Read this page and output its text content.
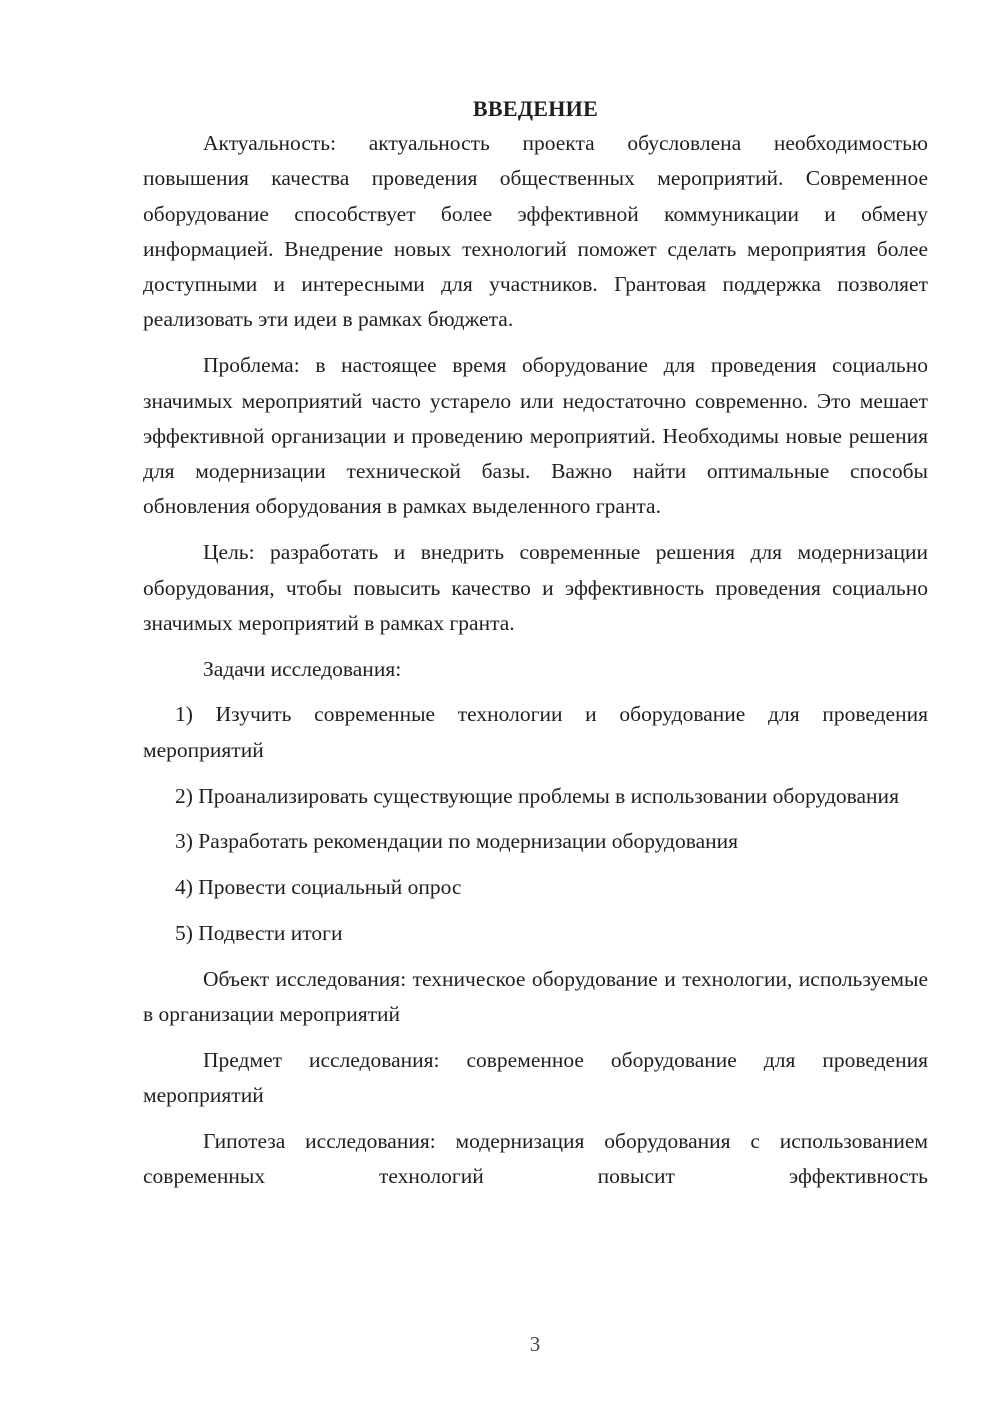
ВВЕДЕНИЕ
Актуальность: актуальность проекта обусловлена необходимостью повышения качества проведения общественных мероприятий. Современное оборудование способствует более эффективной коммуникации и обмену информацией. Внедрение новых технологий поможет сделать мероприятия более доступными и интересными для участников. Грантовая поддержка позволяет реализовать эти идеи в рамках бюджета.
Проблема: в настоящее время оборудование для проведения социально значимых мероприятий часто устарело или недостаточно современно. Это мешает эффективной организации и проведению мероприятий. Необходимы новые решения для модернизации технической базы. Важно найти оптимальные способы обновления оборудования в рамках выделенного гранта.
Цель: разработать и внедрить современные решения для модернизации оборудования, чтобы повысить качество и эффективность проведения социально значимых мероприятий в рамках гранта.
Задачи исследования:
1) Изучить современные технологии и оборудование для проведения мероприятий
2) Проанализировать существующие проблемы в использовании оборудования
3) Разработать рекомендации по модернизации оборудования
4) Провести социальный опрос
5) Подвести итоги
Объект исследования: техническое оборудование и технологии, используемые в организации мероприятий
Предмет исследования: современное оборудование для проведения мероприятий
Гипотеза исследования: модернизация оборудования с использованием современных технологий повысит эффективность
3
